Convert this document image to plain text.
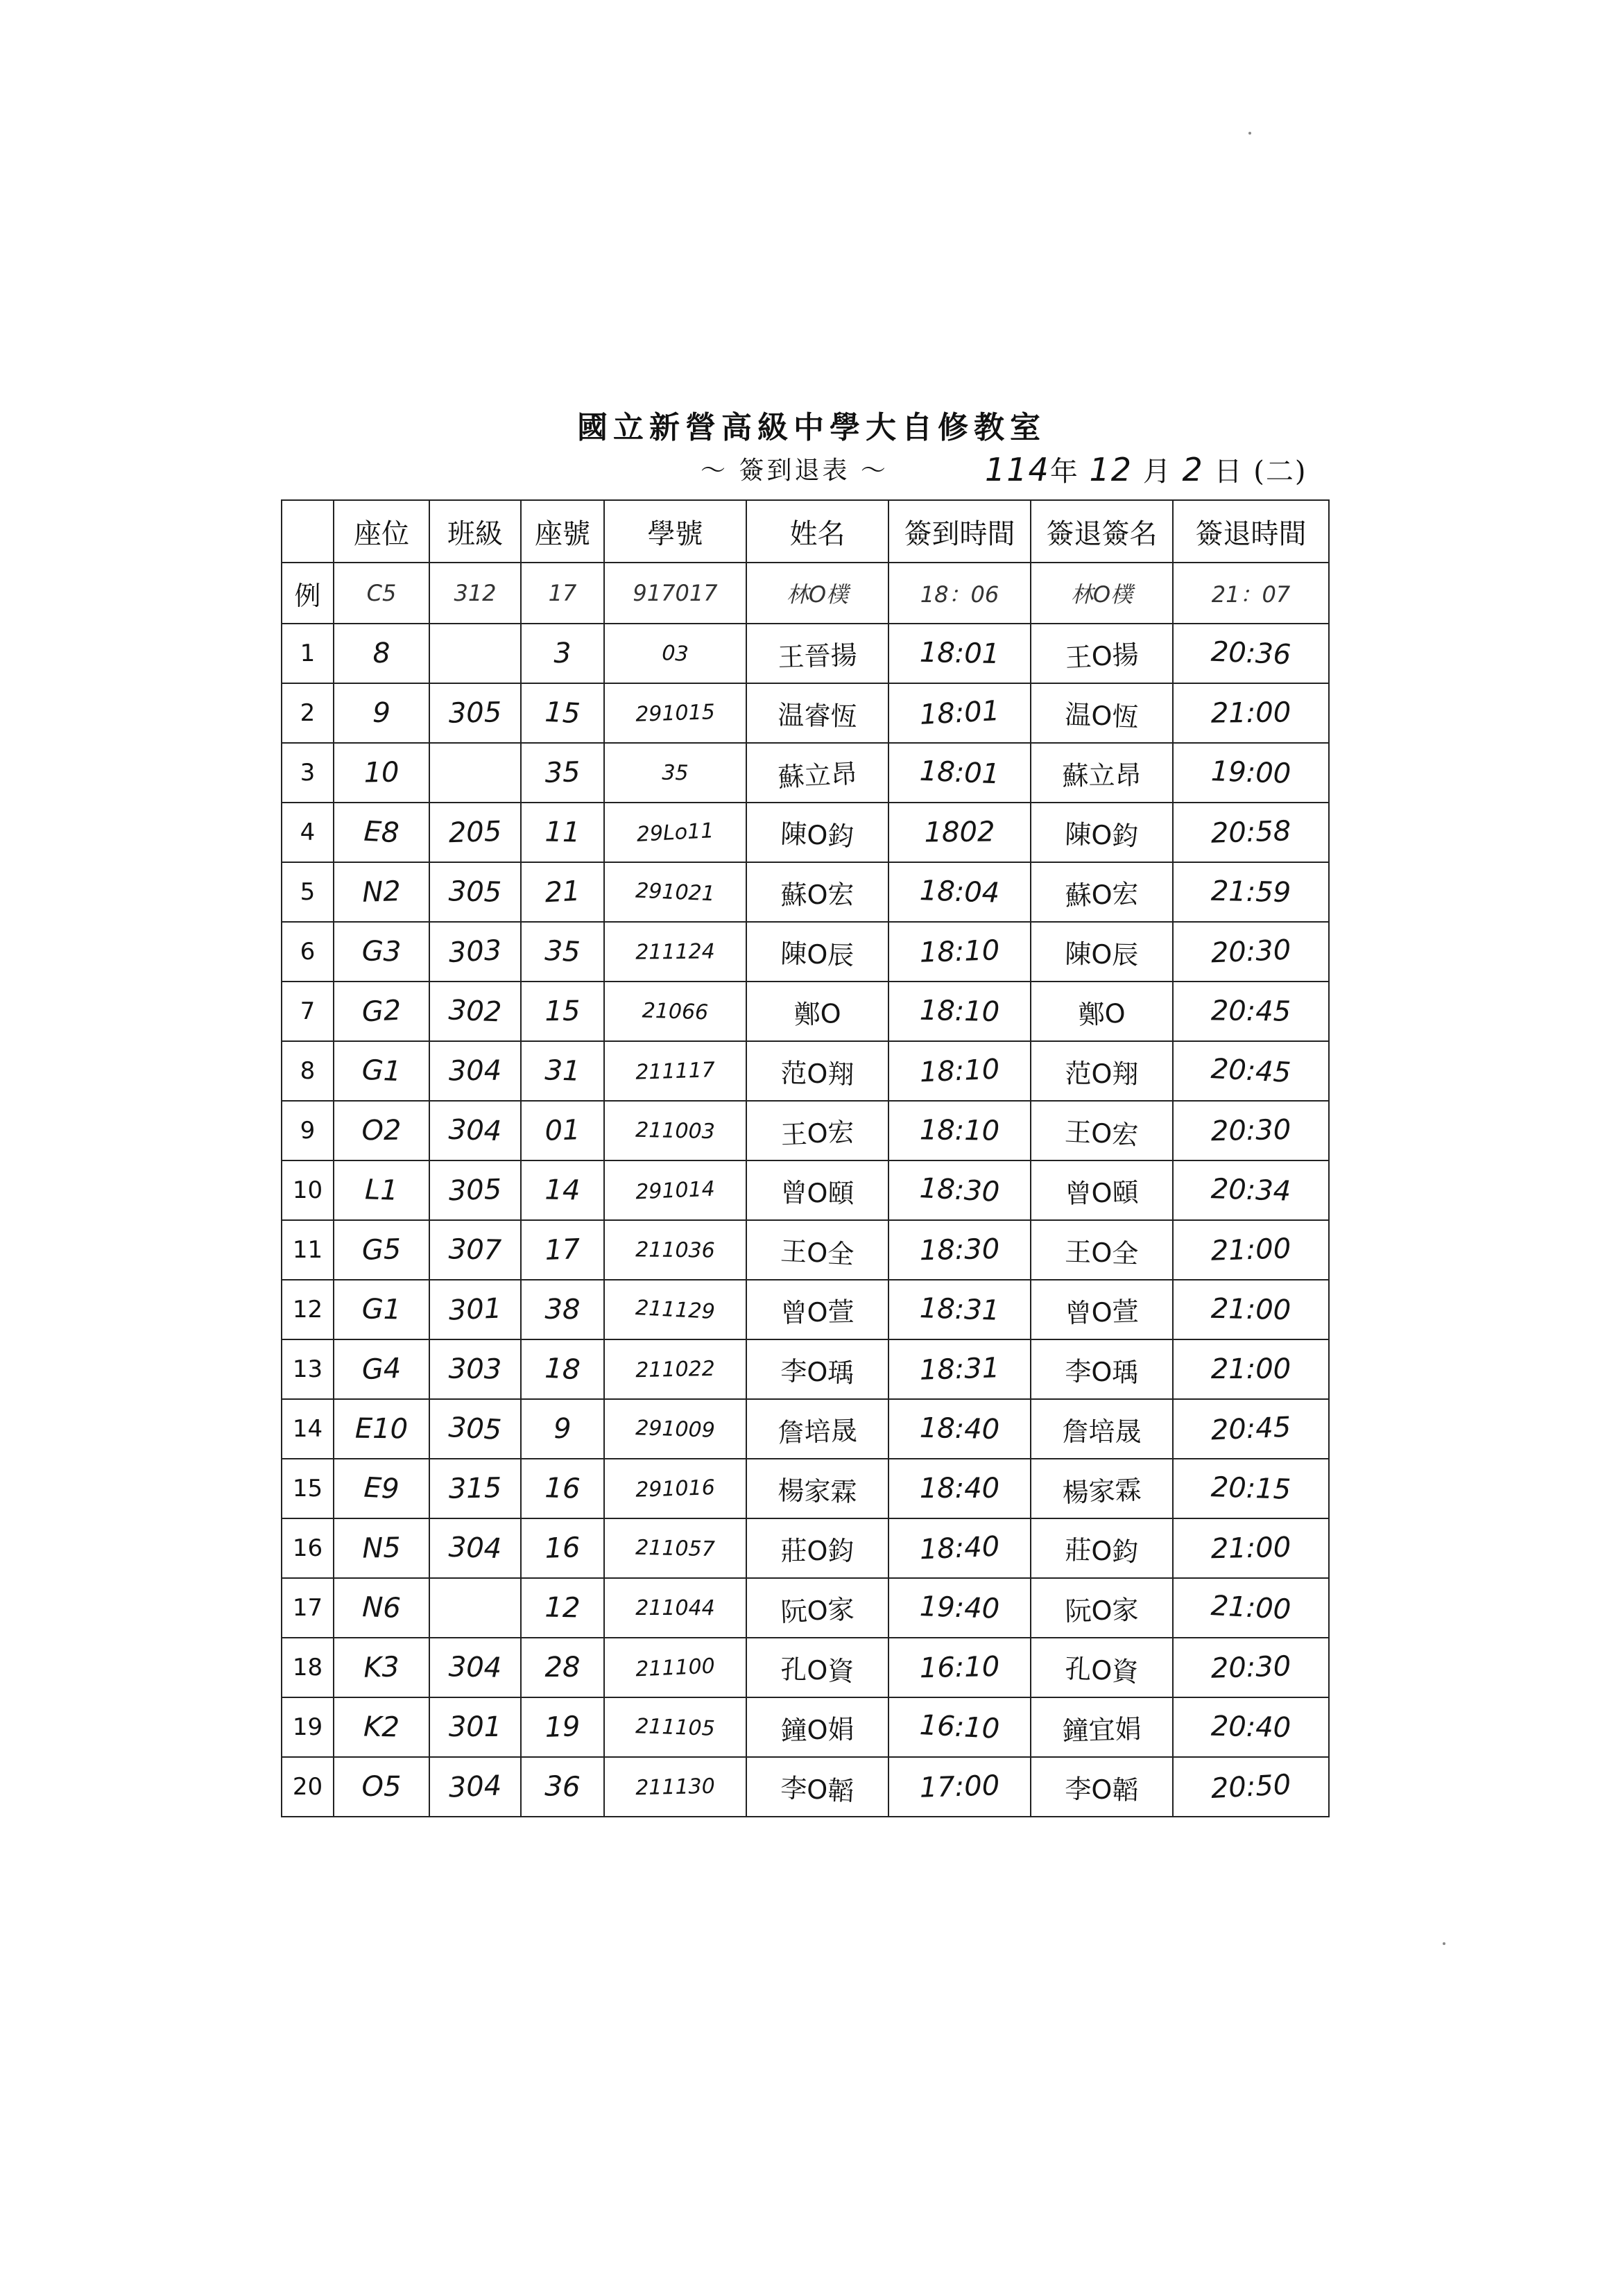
國立新營高級中學大自修教室
～ 簽到退表 ～	114年 12 月 2 日 (二)
	座位	班級	座號	學號	姓名	簽到時間	簽退簽名	簽退時間
例	C5	312	17	917017	林O樸	18：06	林O樸	21：07
1	8		3	03	王晉揚	18:01	王O揚	20:36
2	9	305	15	291015	温睿恆	18:01	温O恆	21:00
3	10		35	35	蘇立昂	18:01	蘇立昂	19:00
4	E8	205	11	29Lo11	陳O鈞	1802	陳O鈞	20:58
5	N2	305	21	291021	蘇O宏	18:04	蘇O宏	21:59
6	G3	303	35	211124	陳O辰	18:10	陳O辰	20:30
7	G2	302	15	21066	鄭O	18:10	鄭O	20:45
8	G1	304	31	211117	范O翔	18:10	范O翔	20:45
9	O2	304	01	211003	王O宏	18:10	王O宏	20:30
10	L1	305	14	291014	曾O頤	18:30	曾O頤	20:34
11	G5	307	17	211036	王O全	18:30	王O全	21:00
12	G1	301	38	211129	曾O萱	18:31	曾O萱	21:00
13	G4	303	18	211022	李O瑀	18:31	李O瑀	21:00
14	E10	305	9	291009	詹培晟	18:40	詹培晟	20:45
15	E9	315	16	291016	楊家霖	18:40	楊家霖	20:15
16	N5	304	16	211057	莊O鈞	18:40	莊O鈞	21:00
17	N6		12	211044	阮O家	19:40	阮O家	21:00
18	K3	304	28	211100	孔O資	16:10	孔O資	20:30
19	K2	301	19	211105	鐘O娟	16:10	鐘宜娟	20:40
20	O5	304	36	211130	李O韜	17:00	李O韜	20:50
